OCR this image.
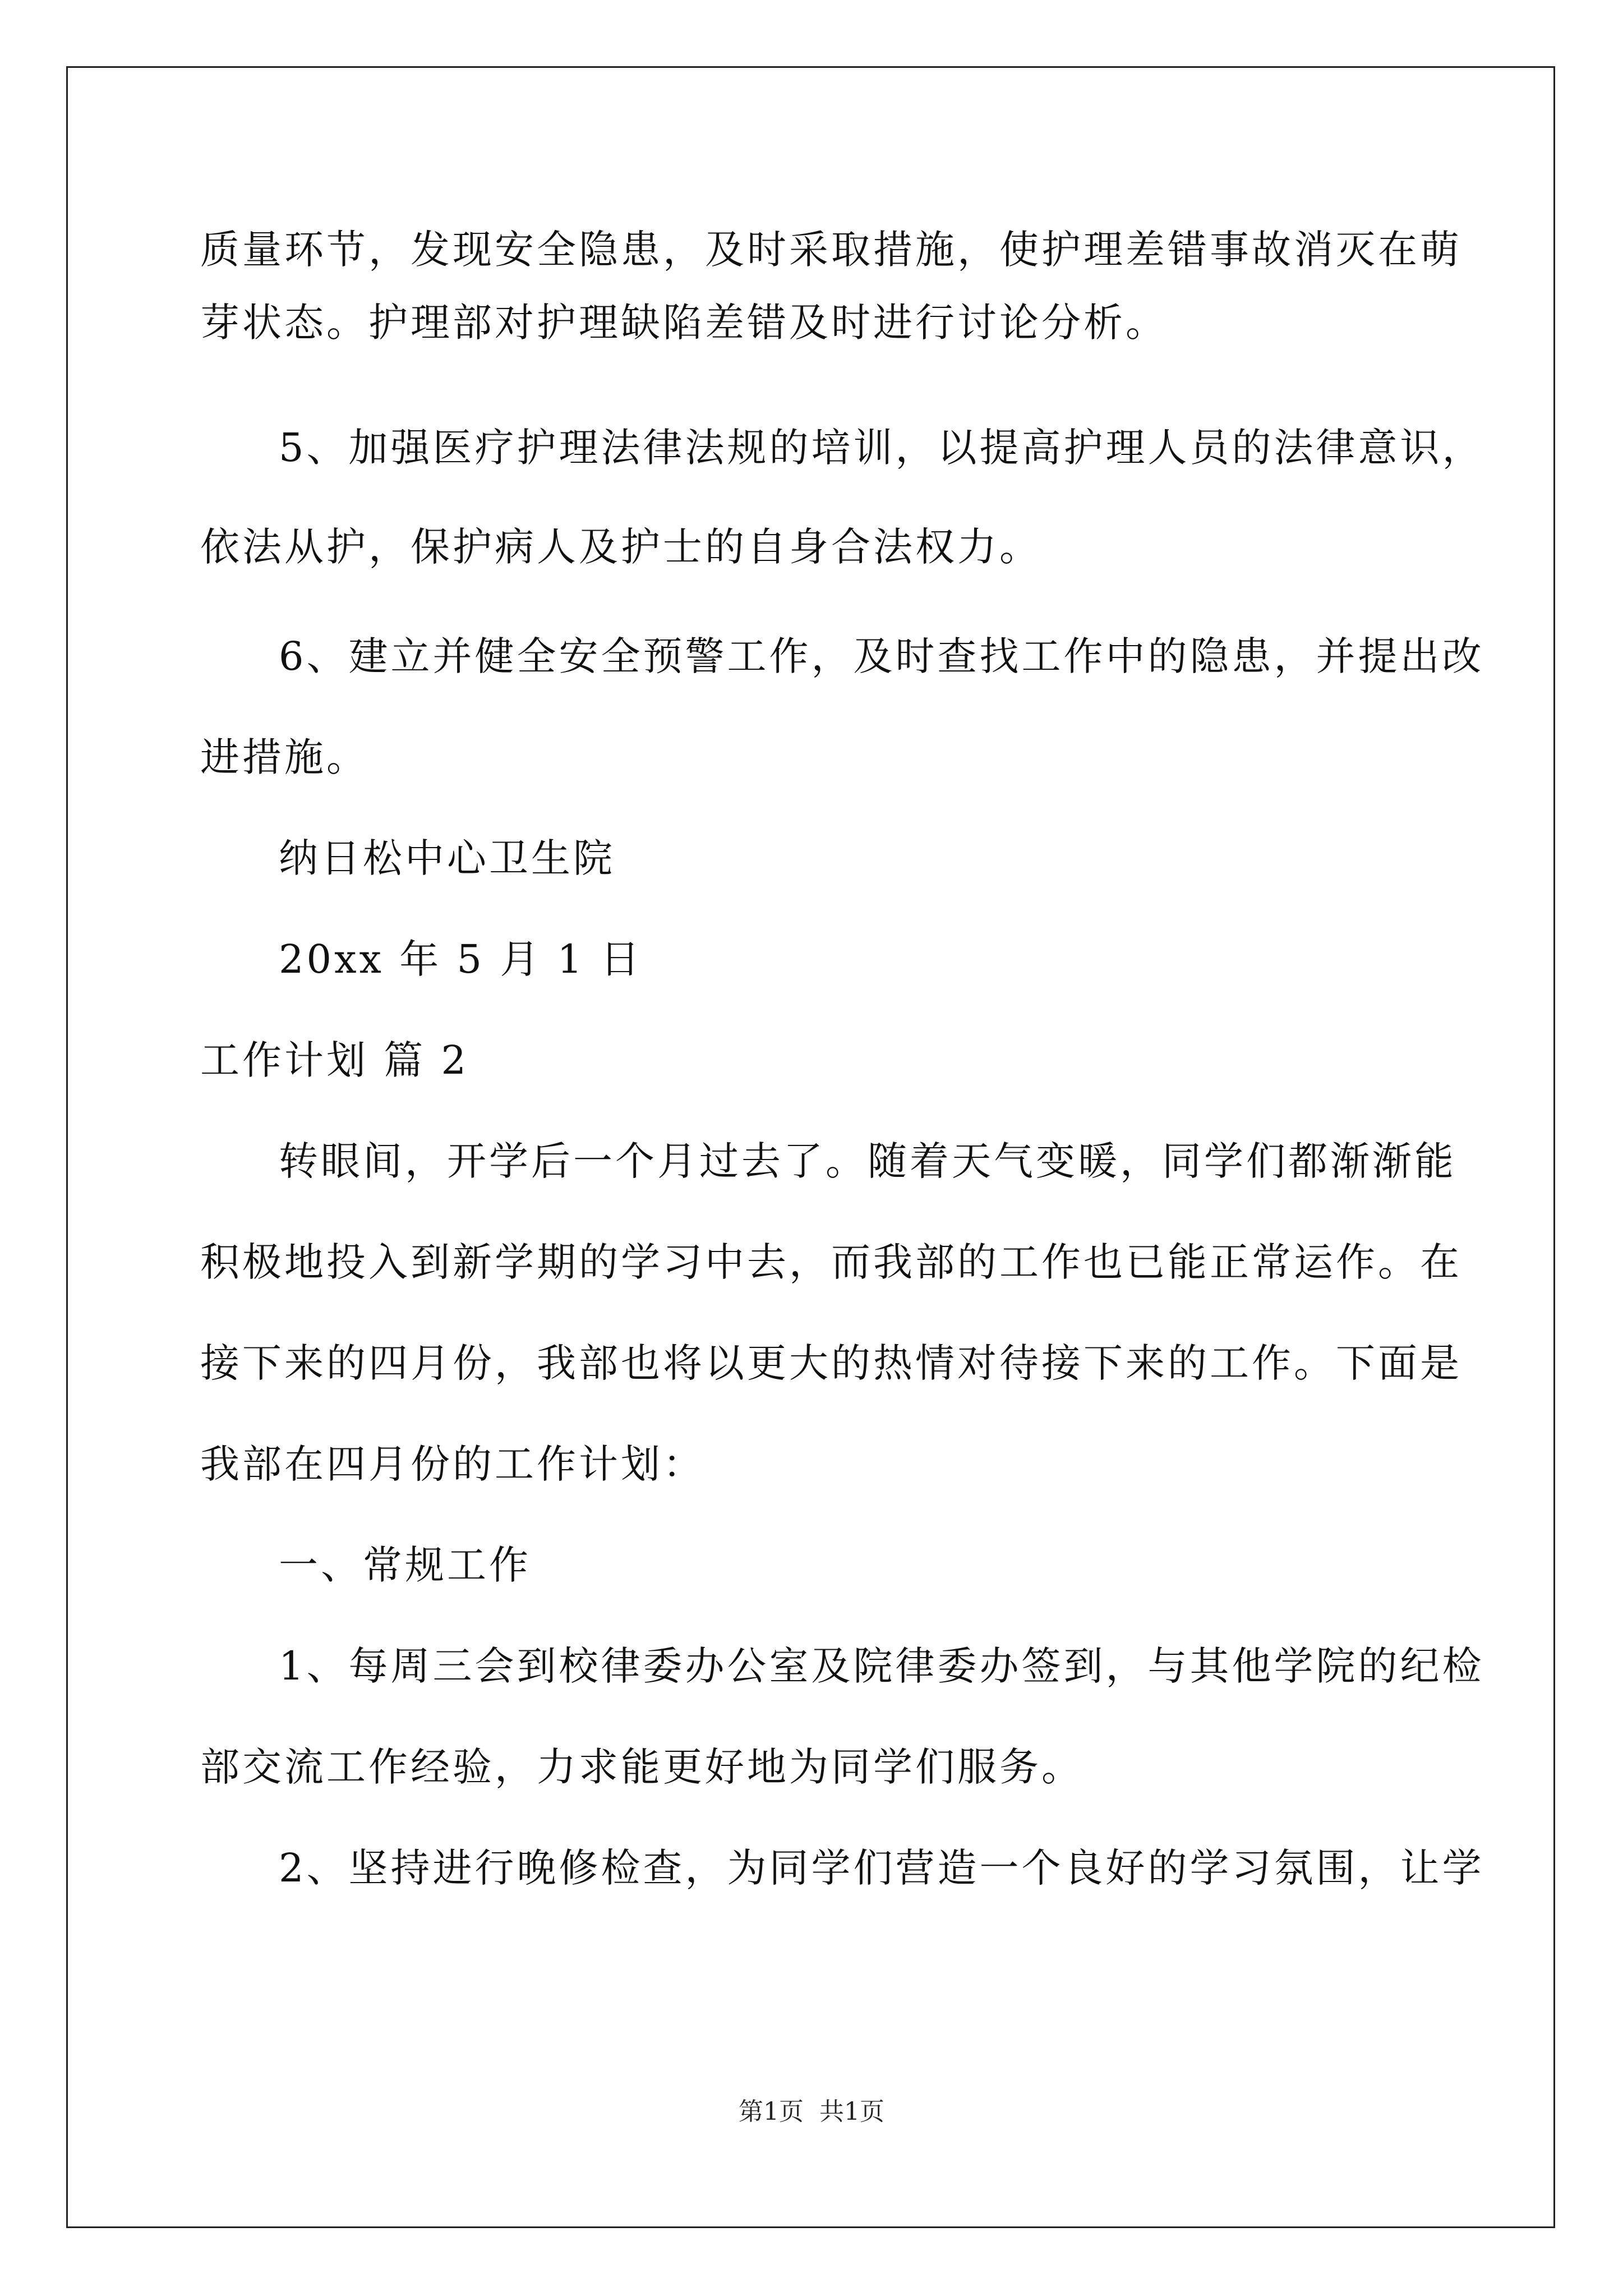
质量环节，发现安全隐患，及时采取措施，使护理差错事故消灭在萌
芽状态。护理部对护理缺陷差错及时进行讨论分析。
5、加强医疗护理法律法规的培训，以提高护理人员的法律意识，
依法从护，保护病人及护士的自身合法权力。
6、建立并健全安全预警工作，及时查找工作中的隐患，并提出改
进措施。
纳日松中心卫生院
20xx 年 5 月 1 日
工作计划 篇 2
转眼间，开学后一个月过去了。随着天气变暖，同学们都渐渐能
积极地投入到新学期的学习中去，而我部的工作也已能正常运作。在
接下来的四月份，我部也将以更大的热情对待接下来的工作。下面是
我部在四月份的工作计划：
一、常规工作
1、每周三会到校律委办公室及院律委办签到，与其他学院的纪检
部交流工作经验，力求能更好地为同学们服务。
2、坚持进行晚修检查，为同学们营造一个良好的学习氛围，让学
第1页 共1页
